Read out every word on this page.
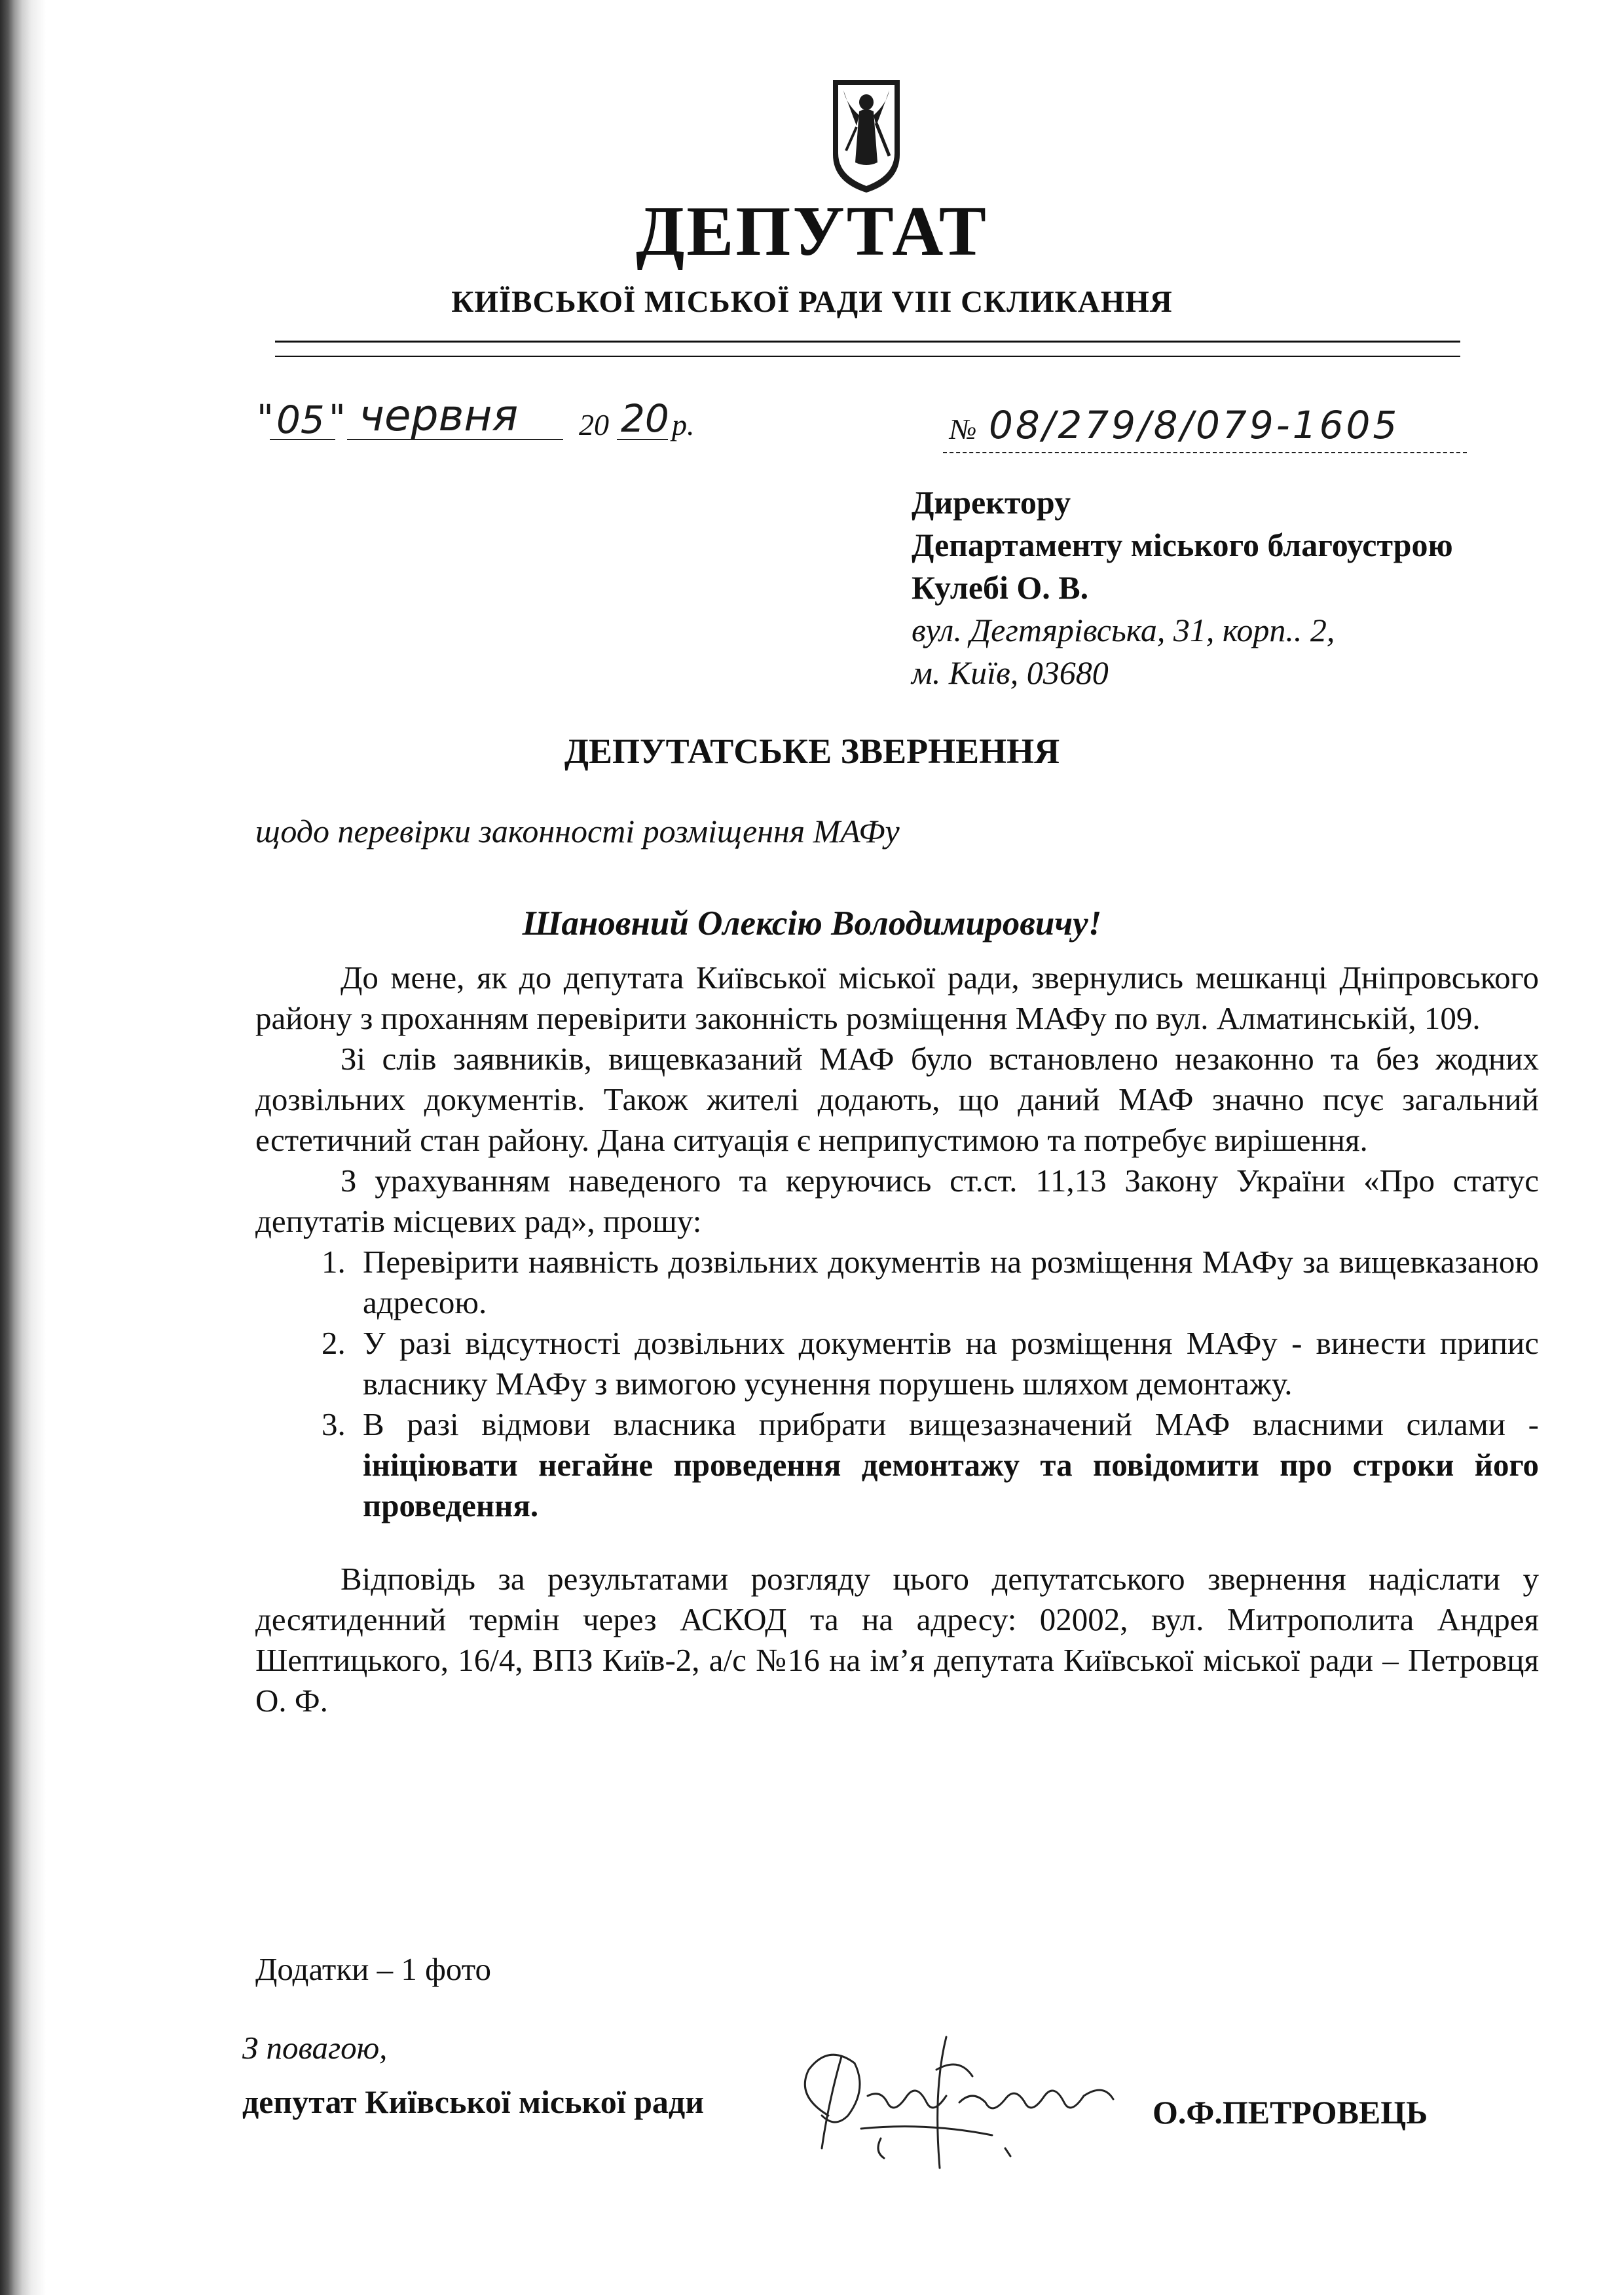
ДЕПУТАТ
КИЇВСЬКОЇ МІСЬКОЇ РАДИ VIII СКЛИКАННЯ
" 05 " червня 20 20 р.	№ 08/279/8/079-1605
Директору
Департаменту міського благоустрою
Кулебі О. В.
вул. Дегтярівська, 31, корп.. 2,
м. Київ, 03680
ДЕПУТАТСЬКЕ ЗВЕРНЕННЯ
щодо перевірки законності розміщення МАФу
Шановний Олексію Володимировичу!

До мене, як до депутата Київської міської ради, звернулись мешканці Дніпровського району з проханням перевірити законність розміщення МАФу по вул. Алматинській, 109.

Зі слів заявників, вищевказаний МАФ було встановлено незаконно та без жодних дозвільних документів. Також жителі додають, що даний МАФ значно псує загальний естетичний стан району. Дана ситуація є неприпустимою та потребує вирішення.

З урахуванням наведеного та керуючись ст.ст. 11,13 Закону України «Про статус депутатів місцевих рад», прошу:

1. Перевірити наявність дозвільних документів на розміщення МАФу за вищевказаною адресою.
2. У разі відсутності дозвільних документів на розміщення МАФу - винести припис власнику МАФу з вимогою усунення порушень шляхом демонтажу.
3. В разі відмови власника прибрати вищезазначений МАФ власними силами - ініціювати негайне проведення демонтажу та повідомити про строки його проведення.

Відповідь за результатами розгляду цього депутатського звернення надіслати у десятиденний термін через АСКОД та на адресу: 02002, вул. Митрополита Андрея Шептицького, 16/4, ВПЗ Київ-2, а/с №16 на ім’я депутата Київської міської ради – Петровця О. Ф.

Додатки – 1 фото
З повагою,
депутат Київської міської ради	О.Ф.ПЕТРОВЕЦЬ
